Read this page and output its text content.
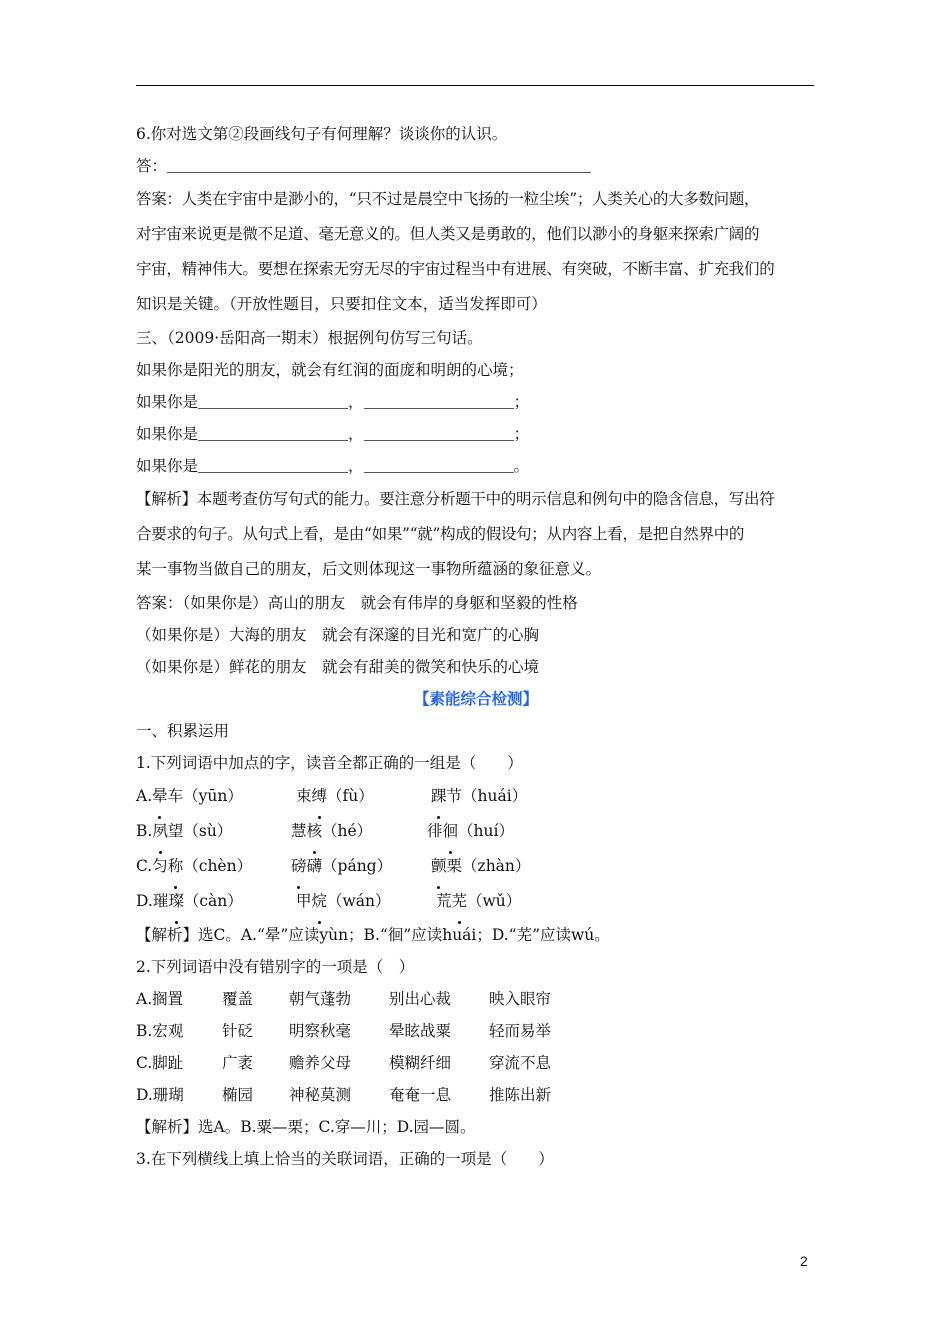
6.你对选文第②段画线句子有何理解？谈谈你的认识。
答：
答案：人类在宇宙中是渺小的，“只不过是晨空中飞扬的一粒尘埃”；人类关心的大多数问题，
对宇宙来说更是微不足道、毫无意义的。但人类又是勇敢的，他们以渺小的身躯来探索广阔的
宇宙，精神伟大。要想在探索无穷无尽的宇宙过程当中有进展、有突破，不断丰富、扩充我们的
知识是关键。（开放性题目，只要扣住文本，适当发挥即可）
三、（2009·岳阳高一期末）根据例句仿写三句话。
如果你是阳光的朋友，就会有红润的面庞和明朗的心境；
如果你是	，	；
如果你是	，	；
如果你是	，	。
【解析】本题考查仿写句式的能力。要注意分析题干中的明示信息和例句中的隐含信息，写出符
合要求的句子。从句式上看，是由“如果”“就”构成的假设句；从内容上看，是把自然界中的
某一事物当做自己的朋友，后文则体现这一事物所蕴涵的象征意义。
答案：（如果你是）高山的朋友　就会有伟岸的身躯和坚毅的性格
（如果你是）大海的朋友　就会有深邃的目光和宽广的心胸
（如果你是）鲜花的朋友　就会有甜美的微笑和快乐的心境
【素能综合检测】
一、积累运用
1.下列词语中加点的字，读音全都正确的一组是（　　）
A.晕车（yūn）	束缚（fù）	踝节（huái）
B.夙望（sù）	慧核（hé）	徘徊（huí）
C.匀称（chèn）	磅礴（páng）	颤栗（zhàn）
D.璀璨（càn）	甲烷（wán）	荒芜（wǔ）
【解析】选C。A.“晕”应读yùn；B.“徊”应读huái；D.“芜”应读wú。
2.下列词语中没有错别字的一项是（　）
A.搁置	覆盖 朝气蓬勃 别出心裁 映入眼帘
B.宏观 针砭 明察秋毫 晕眩战粟 轻而易举
C.脚趾	广袤 赡养父母 模糊纤细 穿流不息
D.珊瑚 椭园 神秘莫测 奄奄一息 推陈出新
【解析】选A。B.粟—栗；C.穿—川；D.园—圆。
3.在下列横线上填上恰当的关联词语，正确的一项是（　　）
2
